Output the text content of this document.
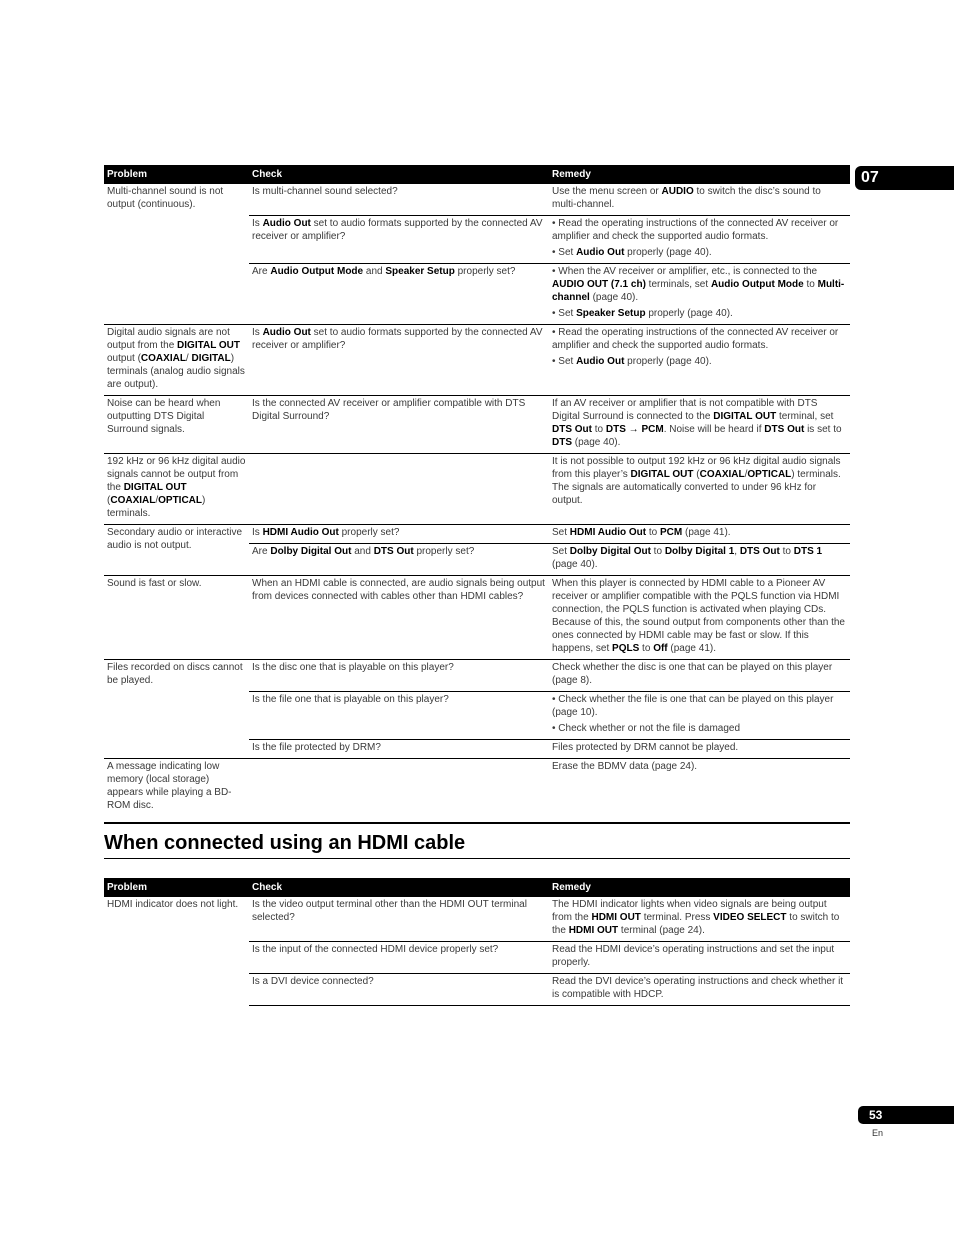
07
Problem	Check	Remedy

Multi-channel sound is not output (continuous).	Is multi-channel sound selected?	Use the menu screen or AUDIO to switch the disc’s sound to multi-channel.

	Is Audio Out set to audio formats supported by the connected AV receiver or amplifier?	• Read the operating instructions of the connected AV receiver or amplifier and check the supported audio formats.
• Set Audio Out properly (page 40).

	Are Audio Output Mode and Speaker Setup properly set?	• When the AV receiver or amplifier, etc., is connected to the AUDIO OUT (7.1 ch) terminals, set Audio Output Mode to Multi-channel (page 40).
• Set Speaker Setup properly (page 40).

Digital audio signals are not output from the DIGITAL OUT output (COAXIAL/ DIGITAL) terminals (analog audio signals are output).	Is Audio Out set to audio formats supported by the connected AV receiver or amplifier?	• Read the operating instructions of the connected AV receiver or amplifier and check the supported audio formats.
• Set Audio Out properly (page 40).

Noise can be heard when outputting DTS Digital Surround signals.	Is the connected AV receiver or amplifier compatible with DTS Digital Surround?	If an AV receiver or amplifier that is not compatible with DTS Digital Surround is connected to the DIGITAL OUT terminal, set DTS Out to DTS → PCM. Noise will be heard if DTS Out is set to DTS (page 40).

192 kHz or 96 kHz digital audio signals cannot be output from the DIGITAL OUT (COAXIAL/OPTICAL) terminals.		It is not possible to output 192 kHz or 96 kHz digital audio signals from this player’s DIGITAL OUT (COAXIAL/OPTICAL) terminals. The signals are automatically converted to under 96 kHz for output.

Secondary audio or interactive audio is not output.	Is HDMI Audio Out properly set?	Set HDMI Audio Out to PCM (page 41).

	Are Dolby Digital Out and DTS Out properly set?	Set Dolby Digital Out to Dolby Digital 1, DTS Out to DTS 1 (page 40).

Sound is fast or slow.	When an HDMI cable is connected, are audio signals being output from devices connected with cables other than HDMI cables?	When this player is connected by HDMI cable to a Pioneer AV receiver or amplifier compatible with the PQLS function via HDMI connection, the PQLS function is activated when playing CDs. Because of this, the sound output from components other than the ones connected by HDMI cable may be fast or slow. If this happens, set PQLS to Off (page 41).

Files recorded on discs cannot be played.	Is the disc one that is playable on this player?	Check whether the disc is one that can be played on this player (page 8).

	Is the file one that is playable on this player?	• Check whether the file is one that can be played on this player (page 10).
• Check whether or not the file is damaged

	Is the file protected by DRM?	Files protected by DRM cannot be played.

A message indicating low memory (local storage) appears while playing a BD-ROM disc.		Erase the BDMV data (page 24).
When connected using an HDMI cable
Problem	Check	Remedy

HDMI indicator does not light.	Is the video output terminal other than the HDMI OUT terminal selected?	The HDMI indicator lights when video signals are being output from the HDMI OUT terminal. Press VIDEO SELECT to switch to the HDMI OUT terminal (page 24).

	Is the input of the connected HDMI device properly set?	Read the HDMI device’s operating instructions and set the input properly.

	Is a DVI device connected?	Read the DVI device’s operating instructions and check whether it is compatible with HDCP.
53
En
